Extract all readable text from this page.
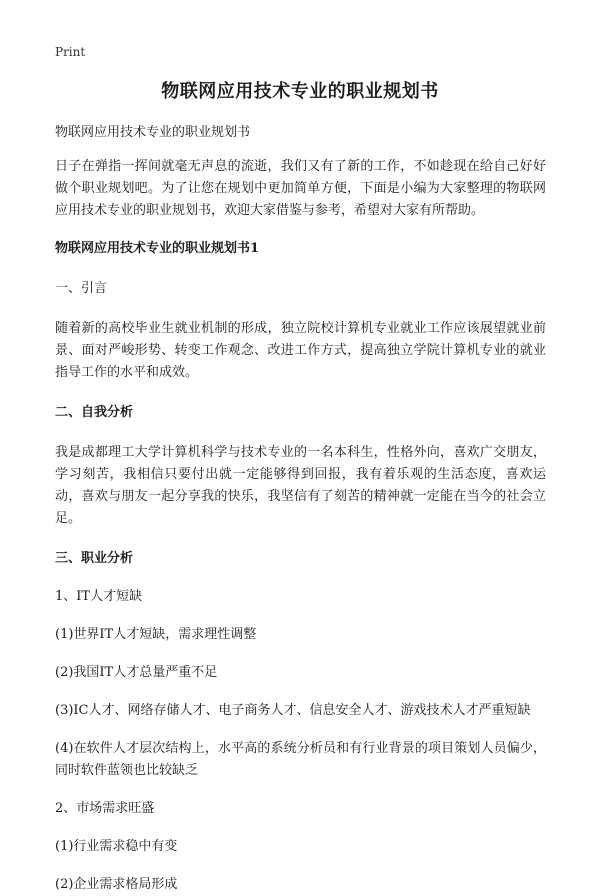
Print
物联网应用技术专业的职业规划书

物联网应用技术专业的职业规划书

日子在弹指一挥间就毫无声息的流逝，我们又有了新的工作，不如趁现在给自己好好做个职业规划吧。为了让您在规划中更加简单方便，下面是小编为大家整理的物联网应用技术专业的职业规划书，欢迎大家借鉴与参考，希望对大家有所帮助。

物联网应用技术专业的职业规划书1

一、引言

随着新的高校毕业生就业机制的形成，独立院校计算机专业就业工作应该展望就业前景、面对严峻形势、转变工作观念、改进工作方式，提高独立学院计算机专业的就业指导工作的水平和成效。

二、自我分析

我是成都理工大学计算机科学与技术专业的一名本科生，性格外向，喜欢广交朋友，学习刻苦，我相信只要付出就一定能够得到回报，我有着乐观的生活态度，喜欢运动，喜欢与朋友一起分享我的快乐，我坚信有了刻苦的精神就一定能在当今的社会立足。

三、职业分析

1、IT人才短缺

(1)世界IT人才短缺，需求理性调整

(2)我国IT人才总量严重不足

(3)IC人才、网络存储人才、电子商务人才、信息安全人才、游戏技术人才严重短缺

(4)在软件人才层次结构上，水平高的系统分析员和有行业背景的项目策划人员偏少，同时软件蓝领也比较缺乏

2、市场需求旺盛

(1)行业需求稳中有变

(2)企业需求格局形成
